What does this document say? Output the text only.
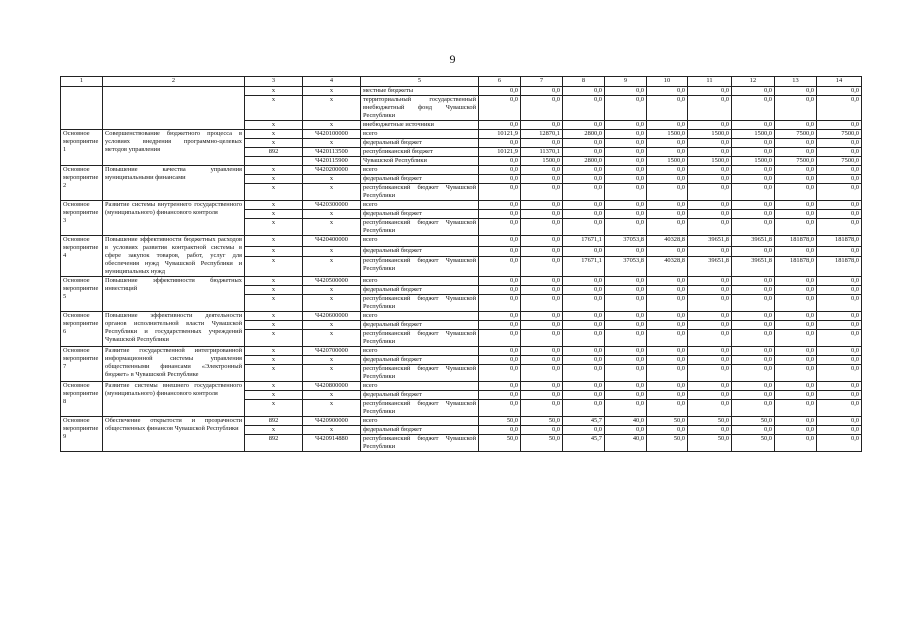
9
1	2	3	4	5	6	7	8	9	10	11	12	13	14
		х	х	местные бюджеты	0,0	0,0	0,0	0,0	0,0	0,0	0,0	0,0	0,0
		х	х	территориальный государственный внебюджетный фонд Чувашской Республики	0,0	0,0	0,0	0,0	0,0	0,0	0,0	0,0	0,0
		х	х	внебюджетные источники	0,0	0,0	0,0	0,0	0,0	0,0	0,0	0,0	0,0
Основное мероприятие 1	Совершенствование бюджетного процесса в условиях внедрения программно-целевых методов управления	х	Ч420100000	всего	10121,9	12870,1	2800,0	0,0	1500,0	1500,0	1500,0	7500,0	7500,0
		х	х	федеральный бюджет	0,0	0,0	0,0	0,0	0,0	0,0	0,0	0,0	0,0
		892	Ч420113500	республиканский бюджет	10121,9	11370,1	0,0	0,0	0,0	0,0	0,0	0,0	0,0
			Ч420115900	Чувашской Республики	0,0	1500,0	2800,0	0,0	1500,0	1500,0	1500,0	7500,0	7500,0
Основное мероприятие 2	Повышение качества управления муниципальными финансами	х	Ч420200000	всего	0,0	0,0	0,0	0,0	0,0	0,0	0,0	0,0	0,0
		х	х	федеральный бюджет	0,0	0,0	0,0	0,0	0,0	0,0	0,0	0,0	0,0
		х	х	республиканский бюджет Чувашской Республики	0,0	0,0	0,0	0,0	0,0	0,0	0,0	0,0	0,0
Основное мероприятие 3	Развитие системы внутреннего государственного (муниципального) финансового контроля	х	Ч420300000	всего	0,0	0,0	0,0	0,0	0,0	0,0	0,0	0,0	0,0
		х	х	федеральный бюджет	0,0	0,0	0,0	0,0	0,0	0,0	0,0	0,0	0,0
		х	х	республиканский бюджет Чувашской Республики	0,0	0,0	0,0	0,0	0,0	0,0	0,0	0,0	0,0
Основное мероприятие 4	Повышение эффективности бюджетных расходов в условиях развития контрактной системы в сфере закупок товаров, работ, услуг для обеспечения нужд Чувашской Республики и муниципальных нужд	х	Ч420400000	всего	0,0	0,0	17671,1	37053,8	40328,8	39651,8	39651,8	181878,0	181878,0
		х	х	федеральный бюджет	0,0	0,0	0,0	0,0	0,0	0,0	0,0	0,0	0,0
		х	х	республиканский бюджет Чувашской Республики	0,0	0,0	17671,1	37053,8	40328,8	39651,8	39651,8	181878,0	181878,0
Основное мероприятие 5	Повышение эффективности бюджетных инвестиций	х	Ч420500000	всего	0,0	0,0	0,0	0,0	0,0	0,0	0,0	0,0	0,0
		х	х	федеральный бюджет	0,0	0,0	0,0	0,0	0,0	0,0	0,0	0,0	0,0
		х	х	республиканский бюджет Чувашской Республики	0,0	0,0	0,0	0,0	0,0	0,0	0,0	0,0	0,0
Основное мероприятие 6	Повышение эффективности деятельности органов исполнительной власти Чувашской Республики и государственных учреждений Чувашской Республики	х	Ч420600000	всего	0,0	0,0	0,0	0,0	0,0	0,0	0,0	0,0	0,0
		х	х	федеральный бюджет	0,0	0,0	0,0	0,0	0,0	0,0	0,0	0,0	0,0
		х	х	республиканский бюджет Чувашской Республики	0,0	0,0	0,0	0,0	0,0	0,0	0,0	0,0	0,0
Основное мероприятие 7	Развитие государственной интегрированной информационной системы управления общественными финансами «Электронный бюджет» в Чувашской Республике	х	Ч420700000	всего	0,0	0,0	0,0	0,0	0,0	0,0	0,0	0,0	0,0
		х	х	федеральный бюджет	0,0	0,0	0,0	0,0	0,0	0,0	0,0	0,0	0,0
		х	х	республиканский бюджет Чувашской Республики	0,0	0,0	0,0	0,0	0,0	0,0	0,0	0,0	0,0
Основное мероприятие 8	Развитие системы внешнего государственного (муниципального) финансового контроля	х	Ч420800000	всего	0,0	0,0	0,0	0,0	0,0	0,0	0,0	0,0	0,0
		х	х	федеральный бюджет	0,0	0,0	0,0	0,0	0,0	0,0	0,0	0,0	0,0
		х	х	республиканский бюджет Чувашской Республики	0,0	0,0	0,0	0,0	0,0	0,0	0,0	0,0	0,0
Основное мероприятие 9	Обеспечение открытости и прозрачности общественных финансов Чувашской Республики	892	Ч420900000	всего	50,0	50,0	45,7	40,0	50,0	50,0	50,0	0,0	0,0
		х	х	федеральный бюджет	0,0	0,0	0,0	0,0	0,0	0,0	0,0	0,0	0,0
		892	Ч420914880	республиканский бюджет Чувашской Республики	50,0	50,0	45,7	40,0	50,0	50,0	50,0	0,0	0,0
